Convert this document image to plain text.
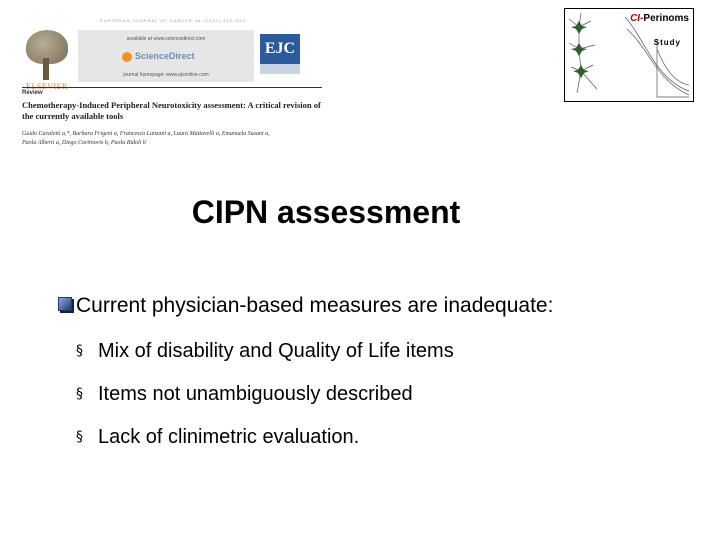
EUROPEAN JOURNAL OF CANCER 48 (2012) 410–424
available at www.sciencedirect.com
ScienceDirect
journal homepage: www.ejconline.com
EJC
Review
Chemotherapy-Induced Peripheral Neurotoxicity assessment: A critical revision of the currently available tools
Guido Cavaletti a,*, Barbara Frigeni a, Francesca Lanzani a, Laura Mattavelli a, Emanuela Susani a, Paola Alberti a, Diego Cortinovis b, Paola Bidoli b
CI-Perinoms
Study
CIPN assessment
Current physician-based measures are inadequate:
§ Mix of disability and Quality of Life items
§ Items not unambiguously described
§ Lack of clinimetric evaluation.
